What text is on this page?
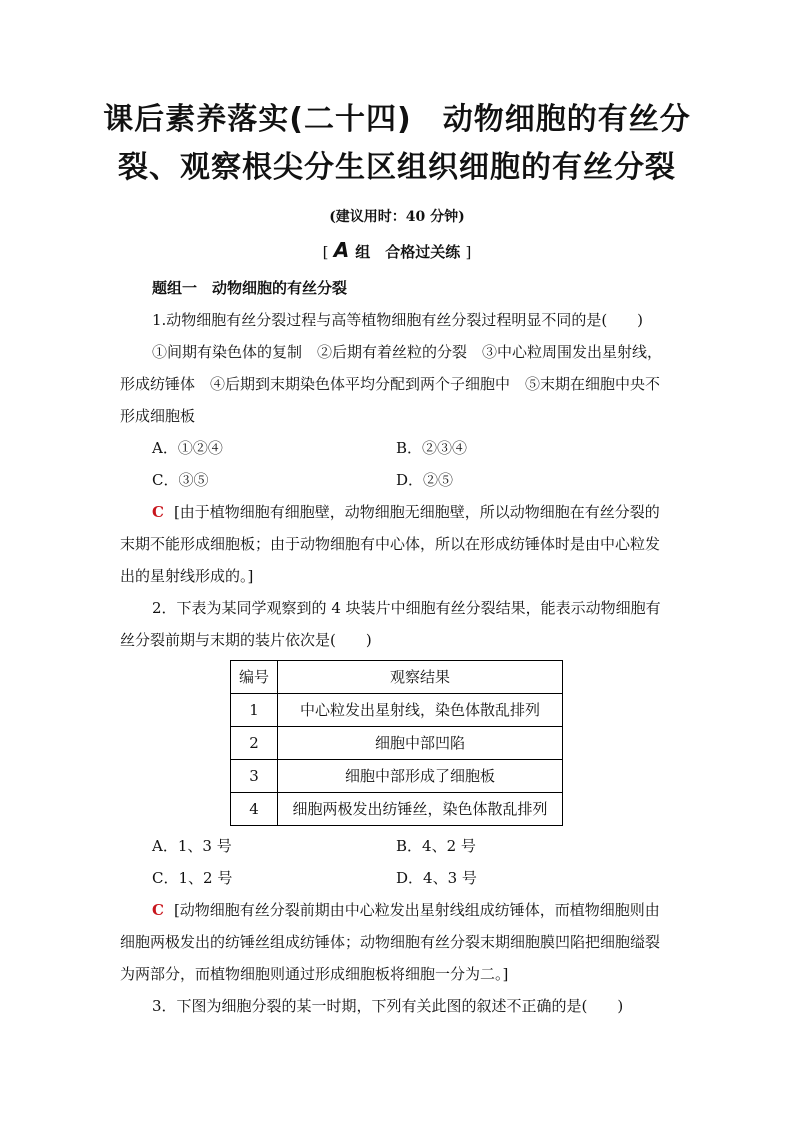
课后素养落实(二十四)　动物细胞的有丝分
裂、观察根尖分生区组织细胞的有丝分裂
(建议用时：40 分钟)
[ A 组　合格过关练 ]

题组一　动物细胞的有丝分裂

1.动物细胞有丝分裂过程与高等植物细胞有丝分裂过程明显不同的是(　　)

①间期有染色体的复制　②后期有着丝粒的分裂　③中心粒周围发出星射线，形成纺锤体　④后期到末期染色体平均分配到两个子细胞中　⑤末期在细胞中央不形成细胞板

A．①②④	B．②③④
C．③⑤	D．②⑤

C [由于植物细胞有细胞壁，动物细胞无细胞壁，所以动物细胞在有丝分裂的末期不能形成细胞板；由于动物细胞有中心体，所以在形成纺锤体时是由中心粒发出的星射线形成的。]

2．下表为某同学观察到的 4 块装片中细胞有丝分裂结果，能表示动物细胞有丝分裂前期与末期的装片依次是(　　)

编号	观察结果
1	中心粒发出星射线，染色体散乱排列
2	细胞中部凹陷
3	细胞中部形成了细胞板
4	细胞两极发出纺锤丝，染色体散乱排列
A．1、3 号	B．4、2 号
C．1、2 号	D．4、3 号

C [动物细胞有丝分裂前期由中心粒发出星射线组成纺锤体，而植物细胞则由细胞两极发出的纺锤丝组成纺锤体；动物细胞有丝分裂末期细胞膜凹陷把细胞缢裂为两部分，而植物细胞则通过形成细胞板将细胞一分为二。]

3．下图为细胞分裂的某一时期，下列有关此图的叙述不正确的是(　　)
